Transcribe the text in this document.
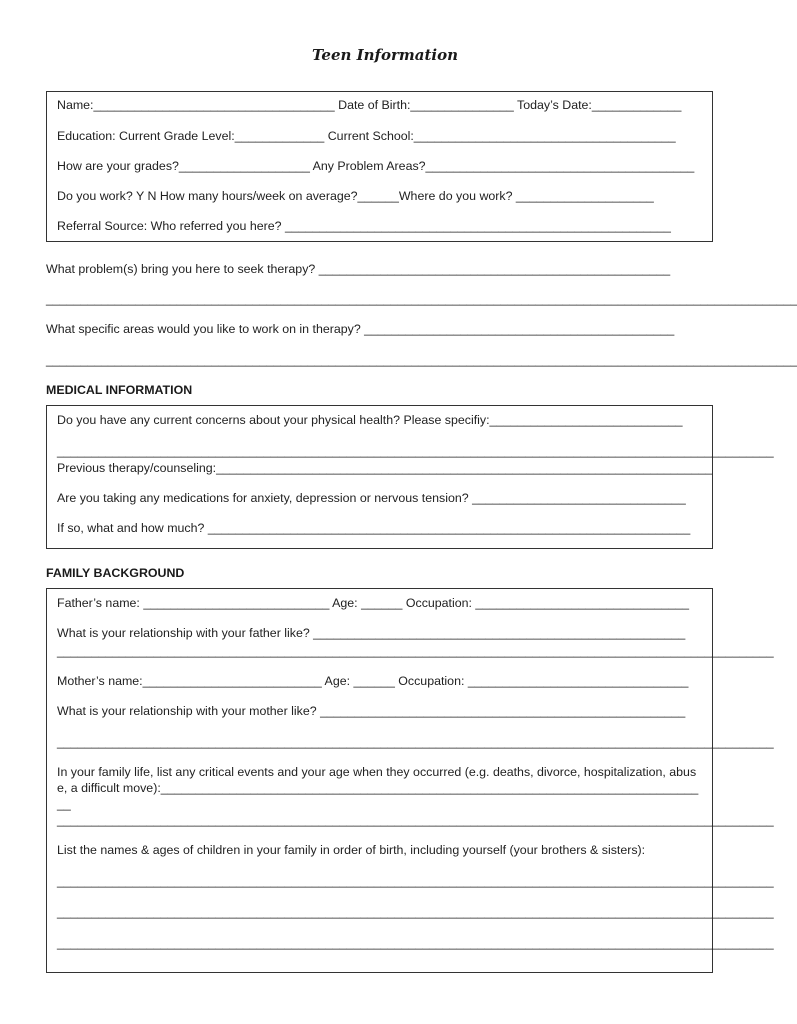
Teen Information
Name:___________________________________ Date of Birth:_______________ Today’s Date:_____________
Education: Current Grade Level:_____________ Current School:______________________________________
How are your grades?___________________ Any Problem Areas?_______________________________________
Do you work? Y N How many hours/week on average?______Where do you work? ____________________
Referral Source: Who referred you here? ________________________________________________________
What problem(s) bring you here to seek therapy? ___________________________________________________
_____________________________________________________________________________________________________________
What specific areas would you like to work on in therapy? _____________________________________________
_____________________________________________________________________________________________________________
MEDICAL INFORMATION
Do you have any current concerns about your physical health? Please specifiy:____________________________
________________________________________________________________________________________________________
Previous therapy/counseling:________________________________________________________________________
Are you taking any medications for anxiety, depression or nervous tension? _______________________________
If so, what and how much? ______________________________________________________________________
FAMILY BACKGROUND
Father’s name: ___________________________ Age: ______ Occupation: _______________________________
What is your relationship with your father like? ______________________________________________________
________________________________________________________________________________________________________
Mother’s name:__________________________ Age: ______ Occupation: ________________________________
What is your relationship with your mother like? _____________________________________________________
________________________________________________________________________________________________________
In your family life, list any critical events and your age when they occurred (e.g. deaths, divorce, hospitalization, abuse, a difficult move):________________________________________________________________________________
________________________________________________________________________________________________________
List the names & ages of children in your family in order of birth, including yourself (your brothers & sisters):
________________________________________________________________________________________________________
________________________________________________________________________________________________________
________________________________________________________________________________________________________
